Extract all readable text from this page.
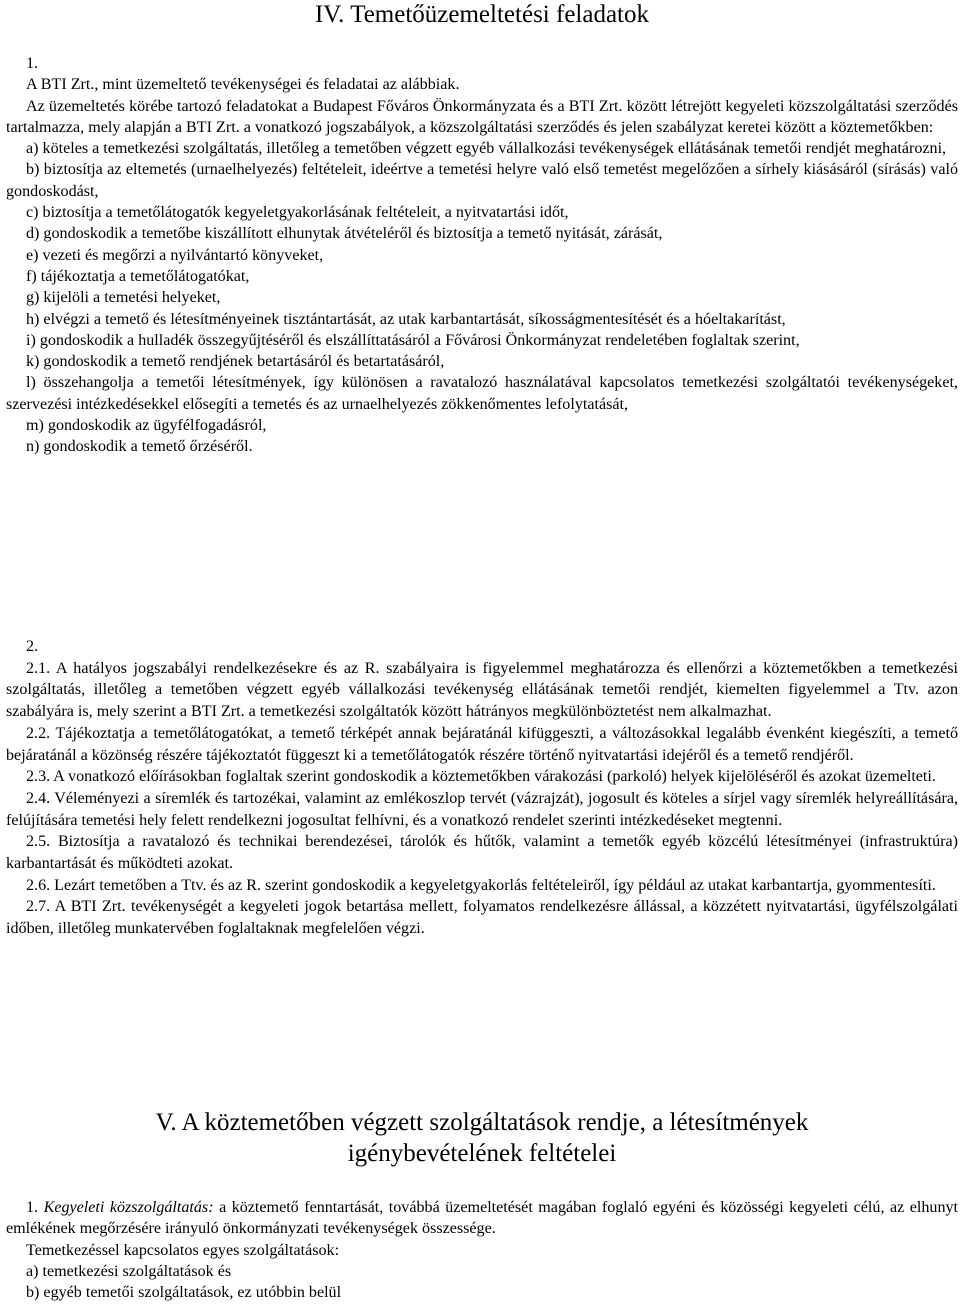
IV. Temetőüzemeltetési feladatok

1.

A BTI Zrt., mint üzemeltető tevékenységei és feladatai az alábbiak.

Az üzemeltetés körébe tartozó feladatokat a Budapest Főváros Önkormányzata és a BTI Zrt. között létrejött kegyeleti közszolgáltatási szerződés tartalmazza, mely alapján a BTI Zrt. a vonatkozó jogszabályok, a közszolgáltatási szerződés és jelen szabályzat keretei között a köztemetőkben:

a) köteles a temetkezési szolgáltatás, illetőleg a temetőben végzett egyéb vállalkozási tevékenységek ellátásának temetői rendjét meghatározni,

b) biztosítja az eltemetés (urnaelhelyezés) feltételeit, ideértve a temetési helyre való első temetést megelőzően a sírhely kiásásáról (sírásás) való gondoskodást,

c) biztosítja a temetőlátogatók kegyeletgyakorlásának feltételeit, a nyitvatartási időt,

d) gondoskodik a temetőbe kiszállított elhunytak átvételéről és biztosítja a temető nyitását, zárását,

e) vezeti és megőrzi a nyilvántartó könyveket,

f) tájékoztatja a temetőlátogatókat,

g) kijelöli a temetési helyeket,

h) elvégzi a temető és létesítményeinek tisztántartását, az utak karbantartását, síkosságmentesítését és a hóeltakarítást,

i) gondoskodik a hulladék összegyűjtéséről és elszállíttatásáról a Fővárosi Önkormányzat rendeletében foglaltak szerint,

k) gondoskodik a temető rendjének betartásáról és betartatásáról,

l) összehangolja a temetői létesítmények, így különösen a ravatalozó használatával kapcsolatos temetkezési szolgáltatói tevékenységeket, szervezési intézkedésekkel elősegíti a temetés és az urnaelhelyezés zökkenőmentes lefolytatását,

m) gondoskodik az ügyfélfogadásról,

n) gondoskodik a temető őrzéséről.

2.

2.1. A hatályos jogszabályi rendelkezésekre és az R. szabályaira is figyelemmel meghatározza és ellenőrzi a köztemetőkben a temetkezési szolgáltatás, illetőleg a temetőben végzett egyéb vállalkozási tevékenység ellátásának temetői rendjét, kiemelten figyelemmel a Ttv. azon szabályára is, mely szerint a BTI Zrt. a temetkezési szolgáltatók között hátrányos megkülönböztetést nem alkalmazhat.

2.2. Tájékoztatja a temetőlátogatókat, a temető térképét annak bejáratánál kifüggeszti, a változásokkal legalább évenként kiegészíti, a temető bejáratánál a közönség részére tájékoztatót függeszt ki a temetőlátogatók részére történő nyitvatartási idejéről és a temető rendjéről.

2.3. A vonatkozó előírásokban foglaltak szerint gondoskodik a köztemetőkben várakozási (parkoló) helyek kijelöléséről és azokat üzemelteti.

2.4. Véleményezi a síremlék és tartozékai, valamint az emlékoszlop tervét (vázrajzát), jogosult és köteles a sírjel vagy síremlék helyreállítására, felújítására temetési hely felett rendelkezni jogosultat felhívni, és a vonatkozó rendelet szerinti intézkedéseket megtenni.

2.5. Biztosítja a ravatalozó és technikai berendezései, tárolók és hűtők, valamint a temetők egyéb közcélú létesítményei (infrastruktúra) karbantartását és működteti azokat.

2.6. Lezárt temetőben a Ttv. és az R. szerint gondoskodik a kegyeletgyakorlás feltételeiről, így például az utakat karbantartja, gyommentesíti.

2.7. A BTI Zrt. tevékenységét a kegyeleti jogok betartása mellett, folyamatos rendelkezésre állással, a közzétett nyitvatartási, ügyfélszolgálati időben, illetőleg munkatervében foglaltaknak megfelelően végzi.

V. A köztemetőben végzett szolgáltatások rendje, a létesítmények
igénybevételének feltételei

1. Kegyeleti közszolgáltatás: a köztemető fenntartását, továbbá üzemeltetését magában foglaló egyéni és közösségi kegyeleti célú, az elhunyt emlékének megőrzésére irányuló önkormányzati tevékenységek összessége.

Temetkezéssel kapcsolatos egyes szolgáltatások:

a) temetkezési szolgáltatások és

b) egyéb temetői szolgáltatások, ez utóbbin belül
